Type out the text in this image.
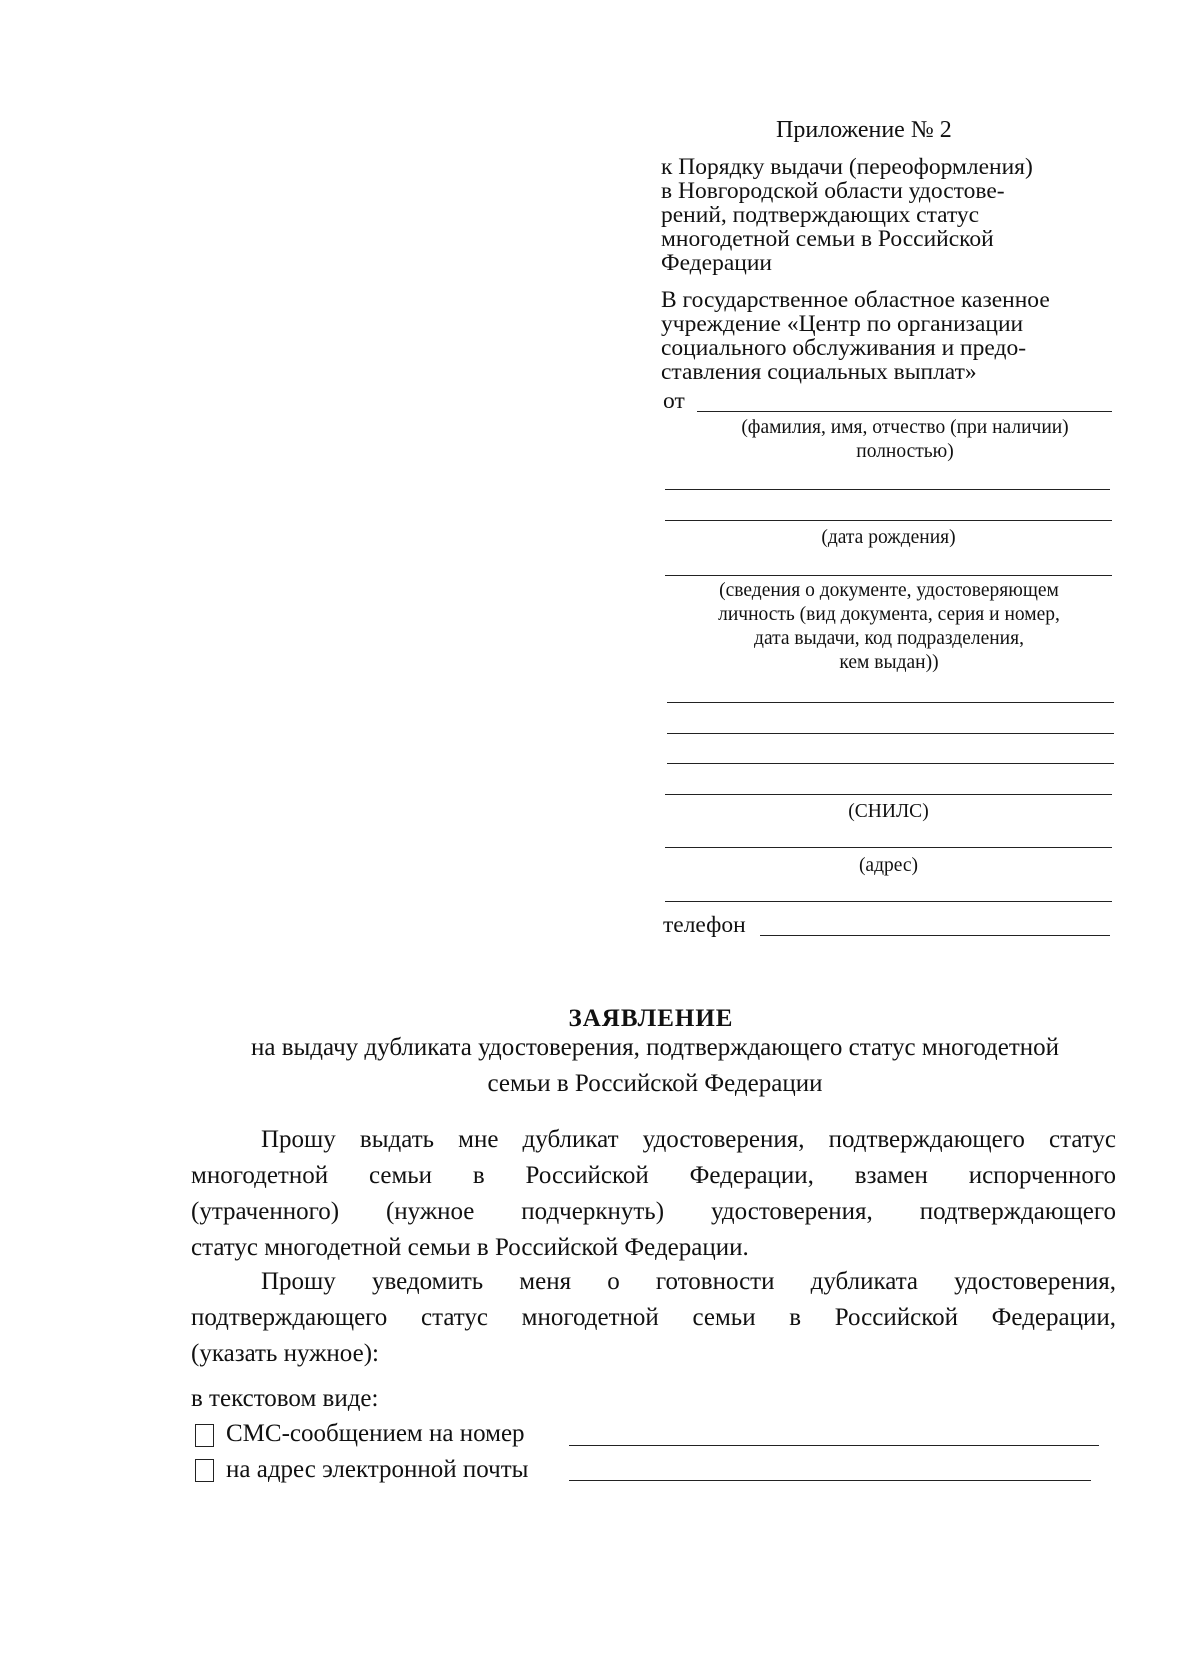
Приложение № 2
к Порядку выдачи (переоформления)
в Новгородской области удостове-
рений, подтверждающих статус
многодетной семьи в Российской
Федерации
В государственное областное казенное
учреждение «Центр по организации
социального обслуживания и предо-
ставления социальных выплат»
от
(фамилия, имя, отчество (при наличии)
полностью)
(дата рождения)
(сведения о документе, удостоверяющем
личность (вид документа, серия и номер,
дата выдачи, код подразделения,
кем выдан))
(СНИЛС)
(адрес)
телефон
ЗАЯВЛЕНИЕ
на выдачу дубликата удостоверения, подтверждающего статус многодетной
семьи в Российской Федерации
Прошу выдать мне дубликат удостоверения, подтверждающего статус
многодетной семьи в Российской Федерации, взамен испорченного
(утраченного) (нужное подчеркнуть) удостоверения, подтверждающего
статус многодетной семьи в Российской Федерации.
Прошу уведомить меня о готовности дубликата удостоверения,
подтверждающего статус многодетной семьи в Российской Федерации,
(указать нужное):
в текстовом виде:
СМС-сообщением на номер
на адрес электронной почты
